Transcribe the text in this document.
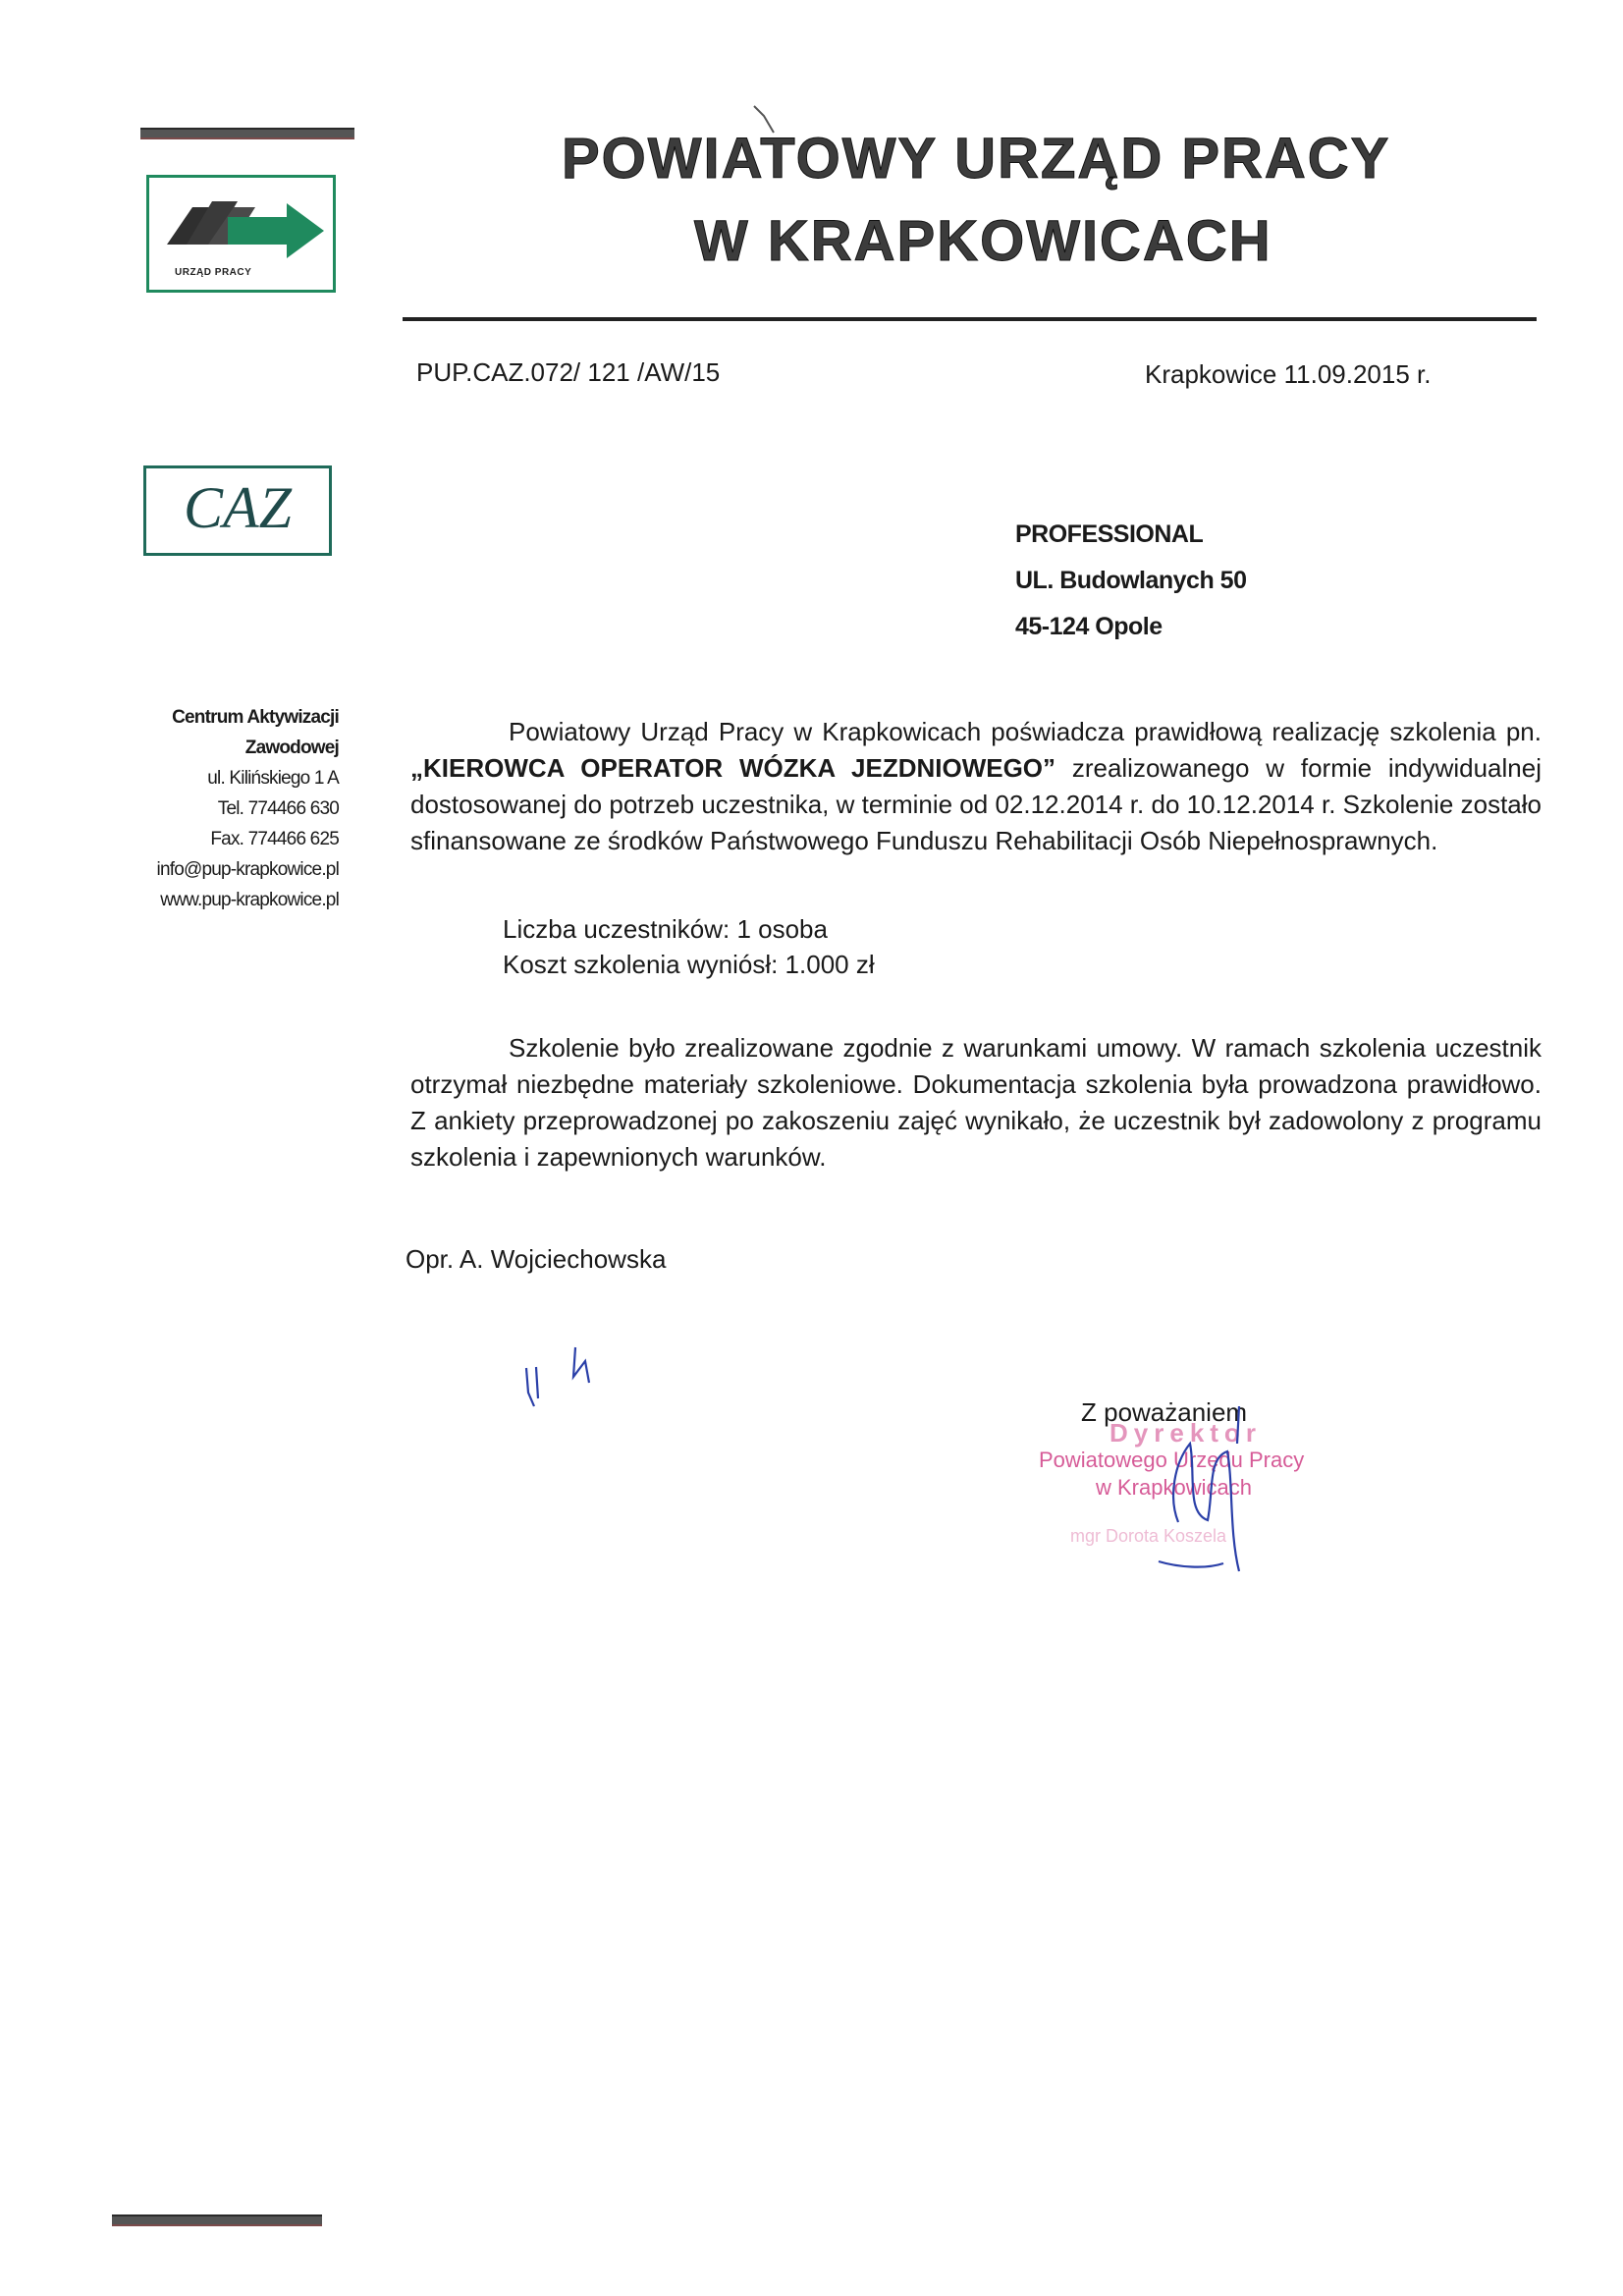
URZĄD PRACY
POWIATOWY URZĄD PRACY
W KRAPKOWICACH
PUP.CAZ.072/ 121 /AW/15	Krapkowice 11.09.2015 r.
CAZ	PROFESSIONAL
UL. Budowlanych 50
45-124 Opole
Centrum Aktywizacji
Zawodowej
ul. Kilińskiego 1 A
Tel. 774466 630
Fax. 774466 625
info@pup-krapkowice.pl
www.pup-krapkowice.pl
Powiatowy Urząd Pracy w Krapkowicach poświadcza prawidłową realizację szkolenia pn. „KIEROWCA OPERATOR WÓZKA JEZDNIOWEGO” zrealizowanego w formie indywidualnej dostosowanej do potrzeb uczestnika, w terminie od 02.12.2014 r. do 10.12.2014 r. Szkolenie zostało sfinansowane ze środków Państwowego Funduszu Rehabilitacji Osób Niepełnosprawnych.
Liczba uczestników: 1 osoba
Koszt szkolenia wyniósł: 1.000 zł
Szkolenie było zrealizowane zgodnie z warunkami umowy. W ramach szkolenia uczestnik otrzymał niezbędne materiały szkoleniowe. Dokumentacja szkolenia była prowadzona prawidłowo. Z ankiety przeprowadzonej po zakoszeniu zajęć wynikało, że uczestnik był zadowolony z programu szkolenia i zapewnionych warunków.
Opr. A. Wojciechowska
Z poważaniem
Dyrektor
Powiatowego Urzędu Pracy
w Krapkowicach
mgr Dorota Koszela
